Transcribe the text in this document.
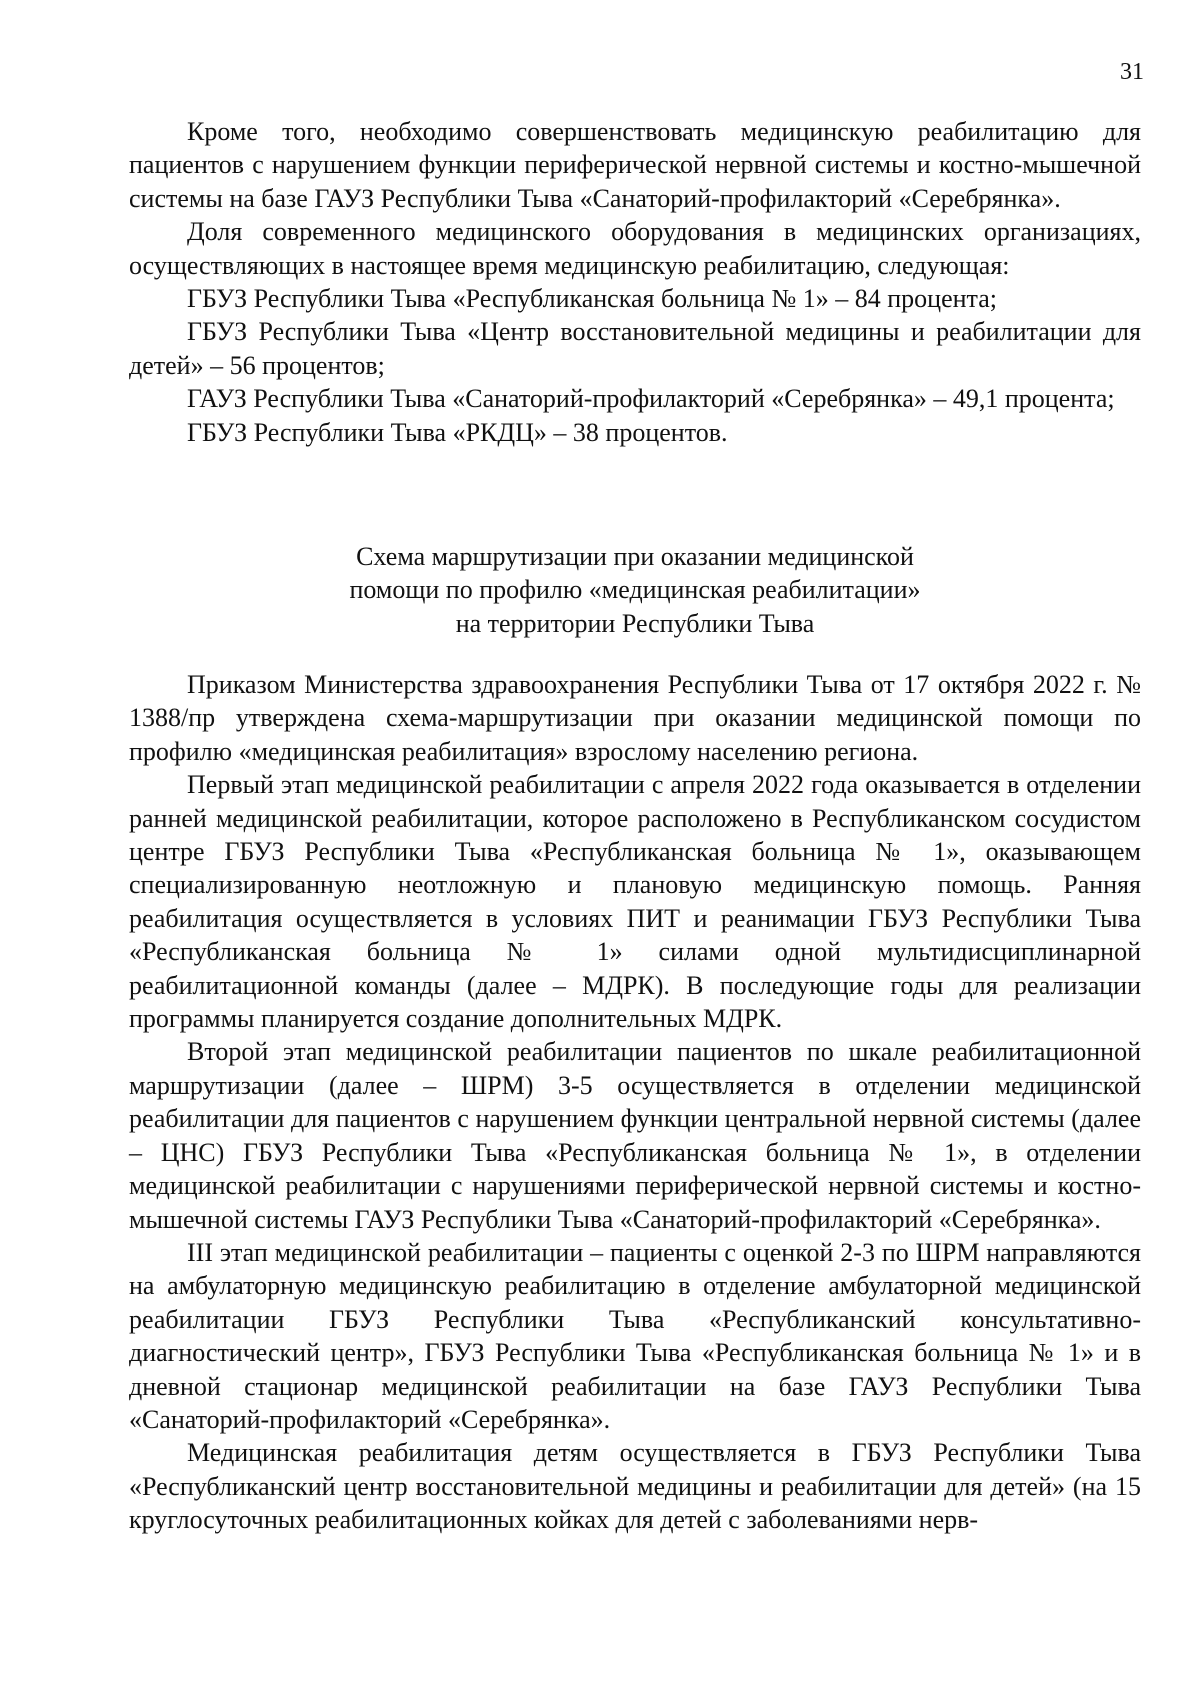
31

Кроме того, необходимо совершенствовать медицинскую реабилитацию для пациентов с нарушением функции периферической нервной системы и костно-мышечной системы на базе ГАУЗ Республики Тыва «Санаторий-профилакторий «Серебрянка».

Доля современного медицинского оборудования в медицинских организациях, осуществляющих в настоящее время медицинскую реабилитацию, следующая:

ГБУЗ Республики Тыва «Республиканская больница № 1» – 84 процента;

ГБУЗ Республики Тыва «Центр восстановительной медицины и реабилитации для детей» – 56 процентов;

ГАУЗ Республики Тыва «Санаторий-профилакторий «Серебрянка» – 49,1 процента;

ГБУЗ Республики Тыва «РКДЦ» – 38 процентов.

Схема маршрутизации при оказании медицинской
помощи по профилю «медицинская реабилитации»
на территории Республики Тыва

Приказом Министерства здравоохранения Республики Тыва от 17 октября 2022 г. № 1388/пр утверждена схема-маршрутизации при оказании медицинской помощи по профилю «медицинская реабилитация» взрослому населению региона.

Первый этап медицинской реабилитации с апреля 2022 года оказывается в отделении ранней медицинской реабилитации, которое расположено в Республиканском сосудистом центре ГБУЗ Республики Тыва «Республиканская больница № 1», оказывающем специализированную неотложную и плановую медицинскую помощь. Ранняя реабилитация осуществляется в условиях ПИТ и реанимации ГБУЗ Республики Тыва «Республиканская больница № 1» силами одной мультидисциплинарной реабилитационной команды (далее – МДРК). В последующие годы для реализации программы планируется создание дополнительных МДРК.

Второй этап медицинской реабилитации пациентов по шкале реабилитационной маршрутизации (далее – ШРМ) 3-5 осуществляется в отделении медицинской реабилитации для пациентов с нарушением функции центральной нервной системы (далее – ЦНС) ГБУЗ Республики Тыва «Республиканская больница № 1», в отделении медицинской реабилитации с нарушениями периферической нервной системы и костно-мышечной системы ГАУЗ Республики Тыва «Санаторий-профилакторий «Серебрянка».

III этап медицинской реабилитации – пациенты с оценкой 2-3 по ШРМ направляются на амбулаторную медицинскую реабилитацию в отделение амбулаторной медицинской реабилитации ГБУЗ Республики Тыва «Республиканский консультативно-диагностический центр», ГБУЗ Республики Тыва «Республиканская больница № 1» и в дневной стационар медицинской реабилитации на базе ГАУЗ Республики Тыва «Санаторий-профилакторий «Серебрянка».

Медицинская реабилитация детям осуществляется в ГБУЗ Республики Тыва «Республиканский центр восстановительной медицины и реабилитации для детей» (на 15 круглосуточных реабилитационных койках для детей с заболеваниями нерв-
